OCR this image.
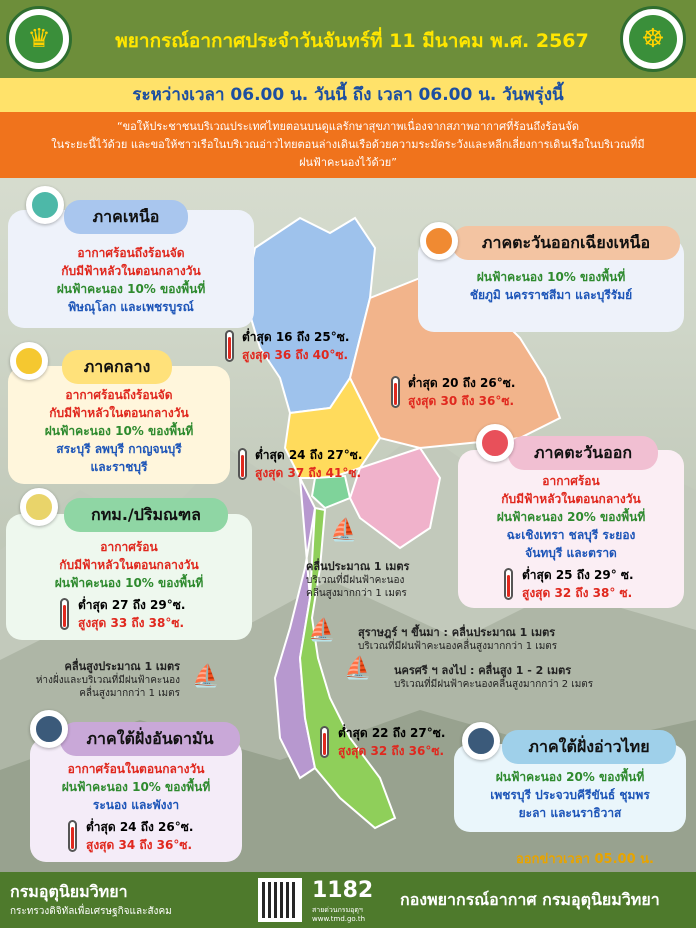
♛	พยากรณ์อากาศประจำวันจันทร์ที่ 11 มีนาคม พ.ศ. 2567	☸
ระหว่างเวลา 06.00 น. วันนี้ ถึง เวลา 06.00 น. วันพรุ่งนี้
“ขอให้ประชาชนบริเวณประเทศไทยตอนบนดูแลรักษาสุขภาพเนื่องจากสภาพอากาศที่ร้อนถึงร้อนจัด
ในระยะนี้ไว้ด้วย และขอให้ชาวเรือในบริเวณอ่าวไทยตอนล่างเดินเรือด้วยความระมัดระวังและหลีกเลี่ยงการเดินเรือในบริเวณที่มี
ฝนฟ้าคะนองไว้ด้วย”
ภาคเหนือ
อากาศร้อนถึงร้อนจัด
กับมีฟ้าหลัวในตอนกลางวัน
ฝนฟ้าคะนอง 10% ของพื้นที่
พิษณุโลก และเพชรบูรณ์
ต่ำสุด 16 ถึง 25°ซ.
สูงสุด 36 ถึง 40°ซ.
ภาคตะวันออกเฉียงเหนือ
ฝนฟ้าคะนอง 10% ของพื้นที่
ชัยภูมิ นครราชสีมา และบุรีรัมย์
ต่ำสุด 20 ถึง 26°ซ.
สูงสุด 30 ถึง 36°ซ.
ภาคกลาง
อากาศร้อนถึงร้อนจัด
กับมีฟ้าหลัวในตอนกลางวัน
ฝนฟ้าคะนอง 10% ของพื้นที่
สระบุรี ลพบุรี กาญจนบุรี
และราชบุรี
ต่ำสุด 24 ถึง 27°ซ.
สูงสุด 37 ถึง 41°ซ.
ภาคตะวันออก
อากาศร้อน
กับมีฟ้าหลัวในตอนกลางวัน
ฝนฟ้าคะนอง 20% ของพื้นที่
ฉะเชิงเทรา ชลบุรี ระยอง
จันทบุรี และตราด
ต่ำสุด 25 ถึง 29° ซ.
สูงสุด 32 ถึง 38° ซ.
กทม./ปริมณฑล
อากาศร้อน
กับมีฟ้าหลัวในตอนกลางวัน
ฝนฟ้าคะนอง 10% ของพื้นที่
ต่ำสุด 27 ถึง 29°ซ.
สูงสุด 33 ถึง 38°ซ.
⛵
คลื่นประมาณ 1 เมตร
บริเวณที่มีฝนฟ้าคะนอง
คลื่นสูงมากกว่า 1 เมตร
⛵ สุราษฎร์ ฯ ขึ้นมา : คลื่นประมาณ 1 เมตร
บริเวณที่มีฝนฟ้าคะนองคลื่นสูงมากกว่า 1 เมตร
⛵ นครศรี ฯ ลงไป : คลื่นสูง 1 - 2 เมตร
บริเวณที่มีฝนฟ้าคะนองคลื่นสูงมากกว่า 2 เมตร
คลื่นสูงประมาณ 1 เมตร
ห่างฝั่งและบริเวณที่มีฝนฟ้าคะนอง
คลื่นสูงมากกว่า 1 เมตร
⛵
ภาคใต้ฝั่งอันดามัน
อากาศร้อนในตอนกลางวัน
ฝนฟ้าคะนอง 10% ของพื้นที่
ระนอง และพังงา
ต่ำสุด 24 ถึง 26°ซ.
สูงสุด 34 ถึง 36°ซ.
ต่ำสุด 22 ถึง 27°ซ.
สูงสุด 32 ถึง 36°ซ.	ภาคใต้ฝั่งอ่าวไทย
ฝนฟ้าคะนอง 20% ของพื้นที่
เพชรบุรี ประจวบคีรีขันธ์ ชุมพร
ยะลา และนราธิวาส
ออกข่าวเวลา 05.00 น.
กรมอุตุนิยมวิทยา
กระทรวงดิจิทัลเพื่อเศรษฐกิจและสังคม
1182
สายด่วนกรมอุตุฯ
www.tmd.go.th
กองพยากรณ์อากาศ กรมอุตุนิยมวิทยา
